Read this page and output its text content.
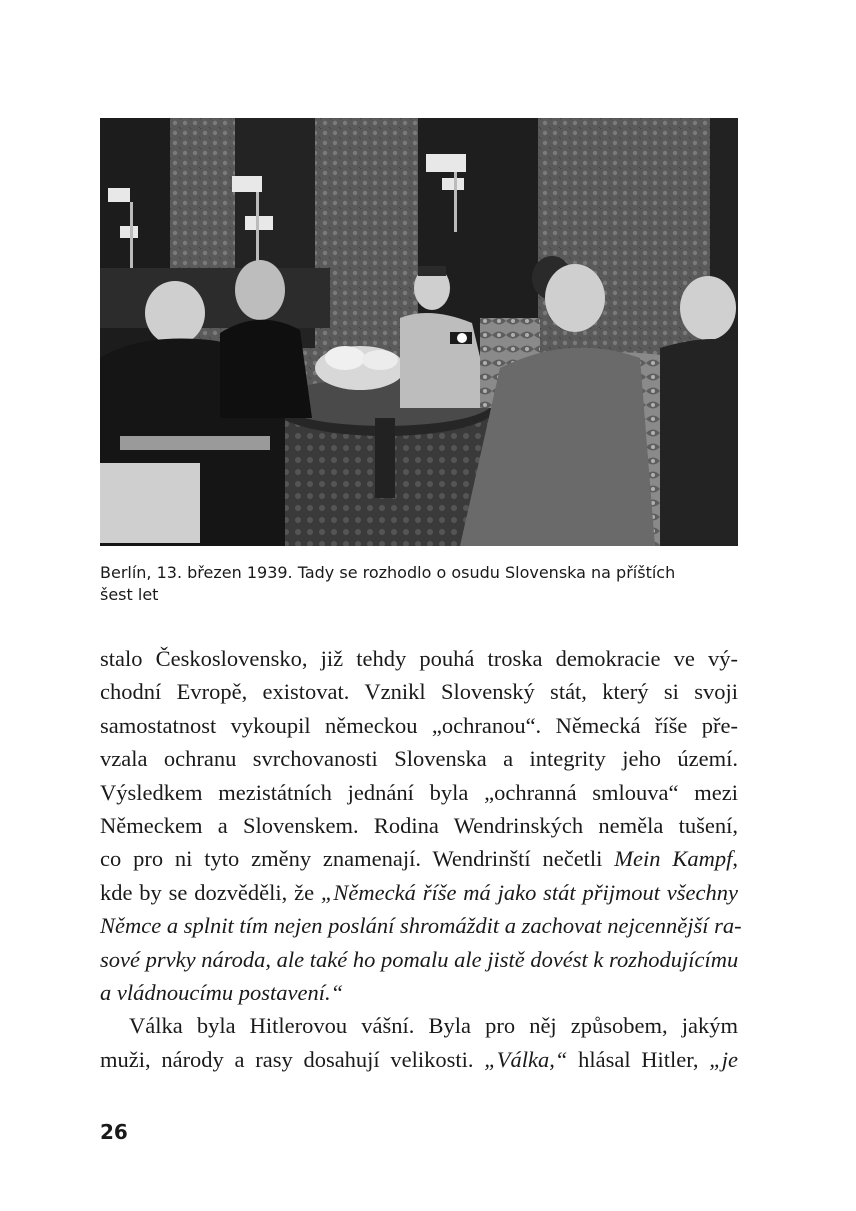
Berlín, 13. březen 1939. Tady se rozhodlo o osudu Slovenska na příštích
šest let
stalo Československo, již tehdy pouhá troska demokracie ve vý-
chodní Evropě, existovat. Vznikl Slovenský stát, který si svoji
samostatnost vykoupil německou „ochranou“. Německá říše pře-
vzala ochranu svrchovanosti Slovenska a integrity jeho území.
Výsledkem mezistátních jednání byla „ochranná smlouva“ mezi
Německem a Slovenskem. Rodina Wendrinských neměla tušení,
co pro ni tyto změny znamenají. Wendrinští nečetli Mein Kampf,
kde by se dozvěděli, že „Německá říše má jako stát přijmout všechny
Němce a splnit tím nejen poslání shromáždit a zachovat nejcennější ra-
sové prvky národa, ale také ho pomalu ale jistě dovést k rozhodujícímu
a vládnoucímu postavení.“
Válka byla Hitlerovou vášní. Byla pro něj způsobem, jakým
muži, národy a rasy dosahují velikosti. „Válka,“ hlásal Hitler, „je
26
